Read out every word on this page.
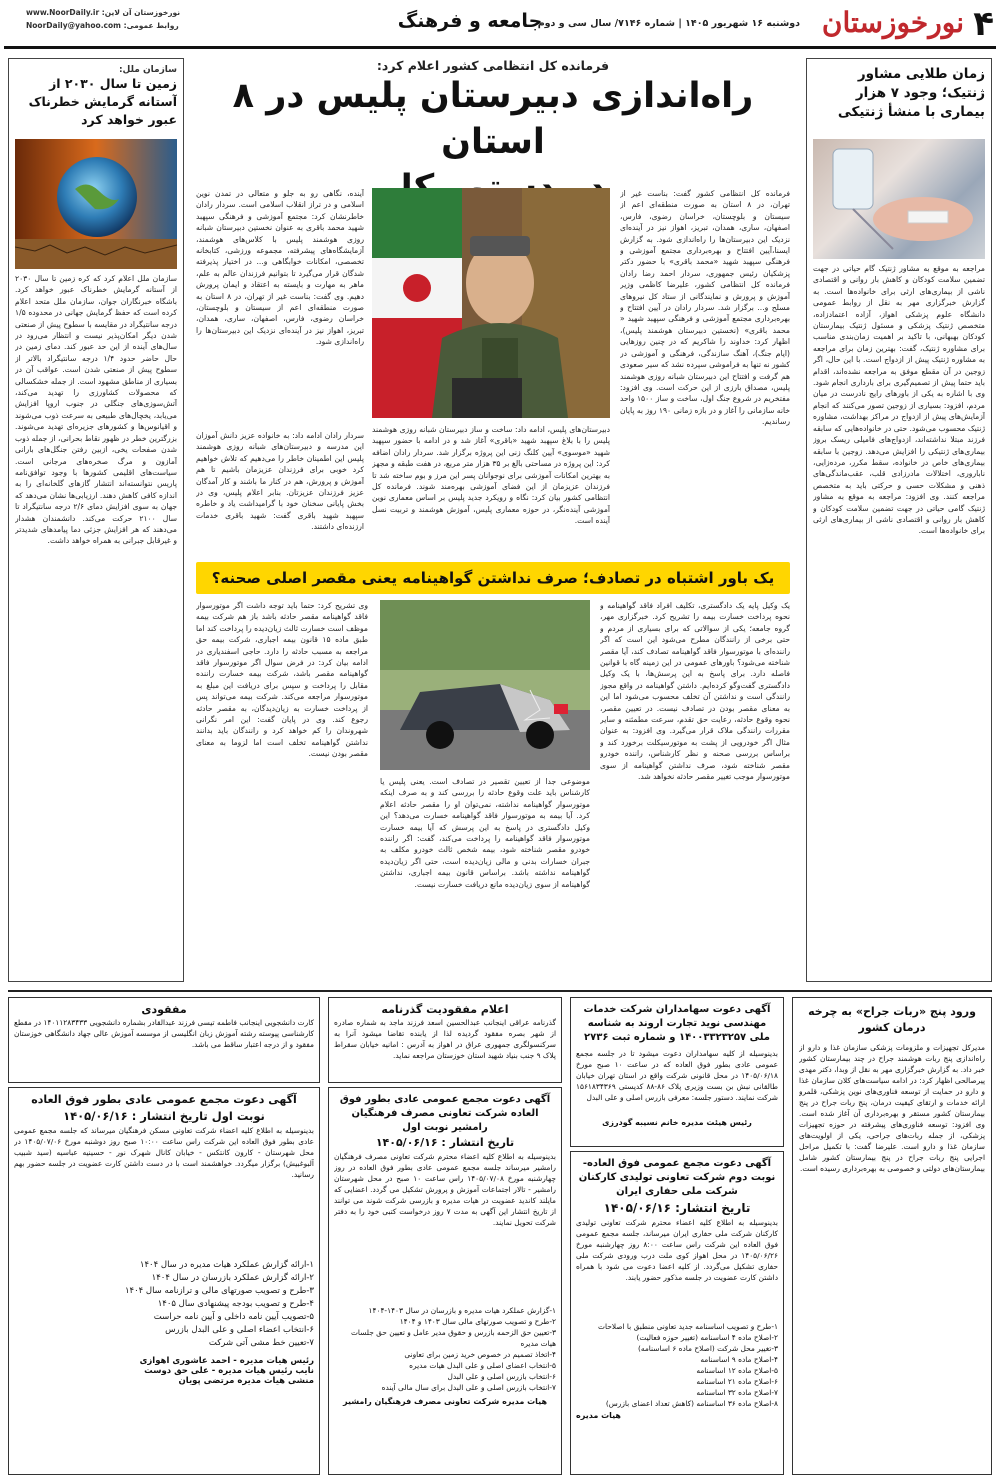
۴
نورخوزستان
دوشنبه ۱۶ شهریور ۱۴۰۵ | شماره ۷۱۴۶/ سال سی و دوم
جامعه و فرهنگ
نورخوزستان آن لاین: www.NoorDaily.ir
روابط عمومی: NoorDaily@yahoo.com
زمان طلایی مشاور ژنتیک؛ وجود ۷ هزار بیماری با منشأ ژنتیکی
مراجعه به موقع به مشاور ژنتیک گام حیاتی در جهت تضمین سلامت کودکان و کاهش بار روانی و اقتصادی ناشی از بیماری‌های ارثی برای خانواده‌ها است. به گزارش خبرگزاری مهر به نقل از روابط عمومی دانشگاه علوم پزشکی اهواز، آزاده اعتمادزاده، متخصص ژنتیک پزشکی و مسئول ژنتیک بیمارستان کودکان بهبهانی، با تاکید بر اهمیت زمان‌بندی مناسب برای مشاوره ژنتیک، گفت: بهترین زمان برای مراجعه به مشاوره ژنتیک پیش از ازدواج است. با این حال، اگر زوجین در آن مقطع موفق به مراجعه نشده‌اند، اقدام باید حتما پیش از تصمیم‌گیری برای بارداری انجام شود. وی با اشاره به یکی از باورهای رایج نادرست در میان مردم، افزود: بسیاری از زوجین تصور می‌کنند که انجام آزمایش‌های پیش از ازدواج در مراکز بهداشت، مشاوره ژنتیک محسوب می‌شود. حتی در خانواده‌هایی که سابقه فرزند مبتلا نداشته‌اند، ازدواج‌های فامیلی ریسک بروز بیماری‌های ژنتیکی را افزایش می‌دهد. زوجین با سابقه بیماری‌های خاص در خانواده، سقط مکرر، مرده‌زایی، ناباروری، اختلالات مادرزادی قلب، عقب‌ماندگی‌های ذهنی و مشکلات حسی و حرکتی باید به متخصص مراجعه کنند. وی افزود: مراجعه به موقع به مشاور ژنتیک گامی حیاتی در جهت تضمین سلامت کودکان و کاهش بار روانی و اقتصادی ناشی از بیماری‌های ارثی برای خانواده‌ها است.
سازمان ملل:
زمین تا سال ۲۰۳۰ از آستانه گرمایش خطرناک عبور خواهد کرد
سازمان ملل اعلام کرد که کره زمین تا سال ۲۰۳۰ از آستانه گرمایش خطرناک عبور خواهد کرد. باشگاه خبرنگاران جوان، سازمان ملل متحد اعلام کرده است که حفظ گرمایش جهانی در محدوده ۱/۵ درجه سانتیگراد در مقایسه با سطوح پیش از صنعتی شدن دیگر امکان‌پذیر نیست و انتظار می‌رود در سال‌های آینده از این حد عبور کند. دمای زمین در حال حاضر حدود ۱/۴ درجه سانتیگراد بالاتر از سطوح پیش از صنعتی شدن است. عواقب آن در بسیاری از مناطق مشهود است. از جمله خشکسالی که محصولات کشاورزی را تهدید می‌کند، آتش‌سوزی‌های جنگلی در جنوب اروپا افزایش می‌یابد، یخچال‌های طبیعی به سرعت ذوب می‌شوند و اقیانوس‌ها و کشورهای جزیره‌ای تهدید می‌شوند. بزرگترین خطر در ظهور نقاط بحرانی، از جمله ذوب شدن صفحات یخی، ازبین رفتن جنگل‌های بارانی آمازون و مرگ صخره‌های مرجانی است. سیاست‌های اقلیمی کشورها با وجود توافق‌نامه پاریس نتوانسته‌اند انتشار گازهای گلخانه‌ای را به اندازه کافی کاهش دهند. ارزیابی‌ها نشان می‌دهد که جهان به سوی افزایش دمای ۲/۶ درجه سانتیگراد تا سال ۲۱۰۰ حرکت می‌کند. دانشمندان هشدار می‌دهند که هر افزایش جزئی دما پیامدهای شدیدتر و غیرقابل جبرانی به همراه خواهد داشت.
فرمانده کل انتظامی کشور اعلام کرد:
راه‌اندازی دبیرستان پلیس در ۸ استان
فرمانده کل انتظامی کشور گفت: بناست غیر از تهران، در ۸ استان به صورت منطقه‌ای اعم از سیستان و بلوچستان، خراسان رضوی، فارس، اصفهان، ساری، همدان، تبریز، اهواز نیز در آینده‌ای نزدیک این دبیرستان‌ها را راه‌اندازی شود. به گزارش ایسنا،آیین افتتاح و بهره‌برداری مجتمع آموزشی و فرهنگی سپهبد شهید «محمد باقری» با حضور دکتر پزشکیان رئیس جمهوری، سردار احمد رضا رادان فرمانده کل انتظامی کشور، علیرضا کاظمی وزیر آموزش و پرورش و نمایندگانی از ستاد کل نیروهای مسلح و... برگزار شد. سردار رادان در آیین افتتاح و بهره‌برداری مجتمع آموزشی و فرهنگی سپهبد شهید « محمد باقری» (نخستین دبیرستان هوشمند پلیس)، اظهار کرد: خداوند را شاکریم که در چنین روزهایی (ایام جنگ)، آهنگ سازندگی، فرهنگی و آموزشی در کشور نه تنها به فراموشی سپرده نشد که سیر صعودی هم گرفت و افتتاح این دبیرستان شبانه روزی هوشمند پلیس، مصداق بارزی از این حرکت است. وی افزود: مفتخریم در شروع جنگ اول، ساخت و ساز ۱۵۰۰ واحد خانه سازمانی را آغاز و در بازه زمانی ۱۹۰ روز به پایان رساندیم.
دبیرستان‌های پلیس، ادامه داد: ساخت و ساز دبیرستان شبانه روزی هوشمند پلیس را با بلاغ سپهبد شهید «باقری» آغاز شد و در ادامه با حضور سپهبد شهید «موسوی» آیین کلنگ زنی این پروژه برگزار شد. سردار رادان اضافه کرد: این پروژه در مساحتی بالغ بر ۳۵ هزار متر مربع، در هفت طبقه و مجهز به بهترین امکانات آموزشی برای نوجوانان پسر این مرز و بوم ساخته شد تا فرزندان عزیزمان از این فضای آموزشی بهره‌مند شوند. فرمانده کل انتظامی کشور بیان کرد: نگاه و رویکرد جدید پلیس بر اساس معماری نوین آموزشی آینده‌نگر، در حوزه معماری پلیس، آموزش هوشمند و تربیت نسل آینده است.
آینده، نگاهی رو به جلو و متعالی در تمدن نوین اسلامی و در تراز انقلاب اسلامی است. سردار رادان خاطرنشان کرد: مجتمع آموزشی و فرهنگی سپهبد شهید محمد باقری به عنوان نخستین دبیرستان شبانه روزی هوشمند پلیس با کلاس‌های هوشمند، آزمایشگاه‌های پیشرفته، مجموعه ورزشی، کتابخانه تخصصی، امکانات خوابگاهی و... در اختیار پذیرفته شدگان قرار می‌گیرد تا بتوانیم فرزندان عالم به علم، ماهر به مهارت و بایسته‌ به اعتقاد و ایمان پرورش دهیم. وی گفت: بناست غیر از تهران، در ۸ استان به صورت منطقه‌ای اعم از سیستان و بلوچستان، خراسان رضوی، فارس، اصفهان، ساری، همدان، تبریز، اهواز نیز در آینده‌ای نزدیک این دبیرستان‌ها را راه‌اندازی شود.
سردار رادان ادامه داد: به خانواده عزیز دانش آموزان این مدرسه و دبیرستان‌های شبانه روزی هوشمند پلیس این اطمینان خاطر را می‌دهیم که تلاش خواهیم کرد خوبی برای فرزندان عزیزمان باشیم تا هم آموزش و پرورش، هم در کنار ما باشند و کار آمدگان عزیز فرزندان عزیزتان. بنابر اعلام پلیس، وی در بخش پایانی سخنان خود با گرامیداشت یاد و خاطره سپهبد شهید باقری گفت: شهید باقری خدمات ارزنده‌ای داشتند.
یک باور اشتباه در تصادف؛ صرف نداشتن گواهینامه یعنی مقصر اصلی صحنه؟
یک وکیل پایه یک دادگستری، تکلیف افراد فاقد گواهینامه و نحوه پرداخت خسارت بیمه را تشریح کرد. خبرگزاری مهر، گروه جامعه؛ یکی از سوالاتی که برای بسیاری از مردم و حتی برخی از رانندگان مطرح می‌شود این است که اگر راننده‌ای با موتورسوار فاقد گواهینامه تصادف کند، آیا مقصر شناخته می‌شود؟ باورهای عمومی در این زمینه گاه با قوانین فاصله دارد. برای پاسخ به این پرسش‌ها، با یک وکیل دادگستری گفت‌وگو کرده‌ایم. داشتن گواهینامه در واقع مجوز رانندگی است و نداشتن آن تخلف محسوب می‌شود اما این به معنای مقصر بودن در تصادف نیست. در تعیین مقصر، نحوه وقوع حادثه، رعایت حق تقدم، سرعت مطمئنه و سایر مقررات رانندگی ملاک قرار می‌گیرد. وی افزود: به عنوان مثال اگر خودرویی از پشت به موتورسیکلت برخورد کند و براساس بررسی صحنه و نظر کارشناس، راننده خودرو مقصر شناخته شود، صرف نداشتن گواهینامه از سوی موتورسوار موجب تغییر مقصر حادثه نخواهد شد.
موضوعی جدا از تعیین تقصیر در تصادف است. یعنی پلیس یا کارشناس باید علت وقوع حادثه را بررسی کند و به صرف اینکه موتورسوار گواهینامه نداشته، نمی‌توان او را مقصر حادثه اعلام کرد. آیا بیمه به موتورسوار فاقد گواهینامه خسارت می‌دهد؟ این وکیل دادگستری در پاسخ به این پرسش که آیا بیمه خسارت موتورسوار فاقد گواهینامه را پرداخت می‌کند، گفت: اگر راننده خودرو مقصر شناخته شود، بیمه شخص ثالث خودرو مکلف به جبران خسارات بدنی و مالی زیان‌دیده است، حتی اگر زیان‌دیده گواهینامه نداشته باشد. براساس قانون بیمه اجباری، نداشتن گواهینامه از سوی زیان‌دیده مانع دریافت خسارت نیست.
وی تشریح کرد: حتما باید توجه داشت اگر موتورسوار فاقد گواهینامه مقصر حادثه باشد باز هم شرکت بیمه موظف است خسارت ثالث زیان‌دیده را پرداخت کند اما طبق ماده ۱۵ قانون بیمه اجباری، شرکت بیمه حق مراجعه به مسبب حادثه را دارد. حاجی اسفندیاری در ادامه بیان کرد: در فرض سوال اگر موتورسوار فاقد گواهینامه مقصر باشد، شرکت بیمه خسارت راننده مقابل را پرداخت و سپس برای دریافت این مبلغ به موتورسوار مراجعه می‌کند. شرکت بیمه می‌تواند پس از پرداخت خسارت به زیان‌دیدگان، به مقصر حادثه رجوع کند. وی در پایان گفت: این امر نگرانی شهروندان را کم خواهد کرد و رانندگان باید بدانند نداشتن گواهینامه تخلف است اما لزوما به معنای مقصر بودن نیست.
ورود پنج «ربات جراح» به چرخه درمان کشور
مدیرکل تجهیزات و ملزومات پزشکی سازمان غذا و دارو از راه‌اندازی پنج ربات هوشمند جراح در چند بیمارستان کشور خبر داد. به گزارش خبرگزاری مهر به نقل از وبدا، دکتر مهدی پیرصالحی اظهار کرد: در ادامه سیاست‌های کلان سازمان غذا و دارو در حمایت از توسعه فناوری‌های نوین پزشکی، قلمرو ارائه خدمات و ارتقای کیفیت درمان، پنج ربات جراح در پنج بیمارستان کشور مستقر و بهره‌برداری آن آغاز شده است. وی افزود: توسعه فناوری‌های پیشرفته در حوزه تجهیزات پزشکی، از جمله ربات‌های جراحی، یکی از اولویت‌های سازمان غذا و دارو است. علیرضا گفت: با تکمیل مراحل اجرایی پنج ربات جراح در پنج بیمارستان کشور شامل بیمارستان‌های دولتی و خصوصی به بهره‌برداری رسیده است.
آگهی دعوت سهامداران شرکت خدمات مهندسی نوید تجارت اروند به شناسه ملی ۱۴۰۰۳۳۲۳۲۵۷ و شماره ثبت ۲۷۳۶
بدینوسیله از کلیه سهامداران دعوت میشود تا در جلسه مجمع عمومی عادی بطور فوق العاده که در ساعت ۱۰ صبح مورخ ۱۴۰۵/۰۶/۱۸ در محل قانونی شرکت واقع در استان تهران خیابان طالقانی نبش بن بست وزیری پلاک ۸۶-۸۸ کدپستی ۱۵۶۱۸۳۴۳۶۹ شرکت نمایند. دستور جلسه: معرفی بازرس اصلی و علی البدل
رئیس هیئت مدیره خانم نسیبه گودرزی
آگهی دعوت مجمع عمومی فوق العاده- نوبت دوم شرکت تعاونی تولیدی کارکنان شرکت ملی حفاری ایران
تاریخ انتشار: ۱۴۰۵/۰۶/۱۶
بدینوسیله به اطلاع کلیه اعضاء محترم شرکت تعاونی تولیدی کارکنان شرکت ملی حفاری ایران میرساند، جلسه مجمع عمومی فوق العاده این شرکت راس ساعت ۸:۰۰ روز چهارشنبه مورخ ۱۴۰۵/۰۶/۲۶ در محل اهواز کوی ملت درب ورودی شرکت ملی حفاری تشکیل می‌گردد. از کلیه اعضا دعوت می شود با همراه داشتن کارت عضویت در جلسه مذکور حضور یابند.
۱-طرح و تصویب اساسنامه جدید تعاونی منطبق با اصلاحات
۲-اصلاح ماده ۴ اساسنامه (تغییر حوزه فعالیت)
۳-تغییر محل شرکت (اصلاح ماده ۶ اساسنامه)
۴-اصلاح ماده ۹ اساسنامه
۵-اصلاح ماده ۱۲ اساسنامه
۶-اصلاح ماده ۲۱ اساسنامه
۷-اصلاح ماده ۳۲ اساسنامه
۸-اصلاح ماده ۳۶ اساسنامه (کاهش تعداد اعضای بازرس)
هیات مدیره
اعلام مفقودیت گذرنامه
گذرنامه عراقی اینجانب عبدالحسین اسعد فرزند ماجد به شماره صادره از شهر بصره مفقود گردیده لذا از یابنده تقاضا میشود آنرا به سرکنسولگری جمهوری عراق در اهواز به آدرس : امانیه خیابان سقراط پلاک ۹ جنب بنیاد شهید استان خوزستان مراجعه نماید.
آگهی دعوت مجمع عمومی عادی بطور فوق العاده شرکت تعاونی مصرف فرهنگیان رامشیر نوبت اول
تاریخ انتشار : ۱۴۰۵/۰۶/۱۶
بدینوسیله به اطلاع کلیه اعضاء محترم شرکت تعاونی مصرف فرهنگیان رامشیر میرساند جلسه مجمع عمومی عادی بطور فوق العاده در روز چهارشنبه مورخ ۱۴۰۵/۰۷/۰۸ راس ساعت ۱۰ صبح در محل شهرستان رامشیر - تالار اجتماعات آموزش و پرورش تشکیل می گردد. اعضایی که مایلند کاندید عضویت در هیات مدیره و بازرسی شرکت شوند می توانند از تاریخ انتشار این آگهی به مدت ۷ روز درخواست کتبی خود را به دفتر شرکت تحویل نمایند.
۱-گزارش عملکرد هیات مدیره و بازرسان در سال ۱۴۰۳-۱۴۰۴
۲-طرح و تصویب صورتهای مالی سال ۱۴۰۳ و ۱۴۰۴
۳-تعیین حق الزحمه بازرس و حقوق مدیر عامل و تعیین حق جلسات هیات مدیره
۴-اتخاذ تصمیم در خصوص خرید زمین برای تعاونی
۵-انتخاب اعضای اصلی و علی البدل هیات مدیره
۶-انتخاب بازرس اصلی و علی البدل
۷-انتخاب بازرس اصلی و علی البدل برای سال مالی آینده
هیات مدیره شرکت تعاونی مصرف فرهنگیان رامشیر
مفقودی
کارت دانشجویی اینجانب فاطمه تیسی فرزند عبدالقادر بشماره دانشجویی ۱۴۰۱۱۲۸۳۴۳۳ در مقطع کارشناسی پیوسته رشته آموزش زبان انگلیسی از موسسه آموزش عالی جهاد دانشگاهی خوزستان مفقود و از درجه اعتبار ساقط می باشد.
آگهی دعوت مجمع عمومی عادی بطور فوق العاده
نوبت اول تاریخ انتشار : ۱۴۰۵/۰۶/۱۶
بدینوسیله به اطلاع کلیه اعضاء شرکت تعاونی مسکن فرهنگیان میرساند که جلسه مجمع عمومی عادی بطور فوق العاده این شرکت راس ساعت ۱۰:۰۰ صبح روز دوشنبه مورخ ۱۴۰۵/۰۷/۰۶ در محل شهرستان - کارون کانتکس - خیابان کانال شهرک نور - حسینیه عباسیه (سید شبیب آلبوغبیش) برگزار میگردد. خواهشمند است با در دست داشتن کارت عضویت در جلسه حضور بهم رسانید.
۱-ارائه گزارش عملکرد هیات مدیره در سال ۱۴۰۴
۲-ارائه گزارش عملکرد بازرسان در سال ۱۴۰۴
۳-طرح و تصویب صورتهای مالی و ترازنامه سال ۱۴۰۴
۴-طرح و تصویب بودجه پیشنهادی سال ۱۴۰۵
۵-تصویب آیین نامه داخلی و آیین نامه حراست
۶-انتخاب اعضاء اصلی و علی البدل بازرس
۷-تعیین خط مشی آتی شرکت
رئیس هیات مدیره - احمد عاشوری اهوازی
نایب رئیس هیات مدیره - علی حق دوست
منشی هیات مدیره مرتضی پویان
